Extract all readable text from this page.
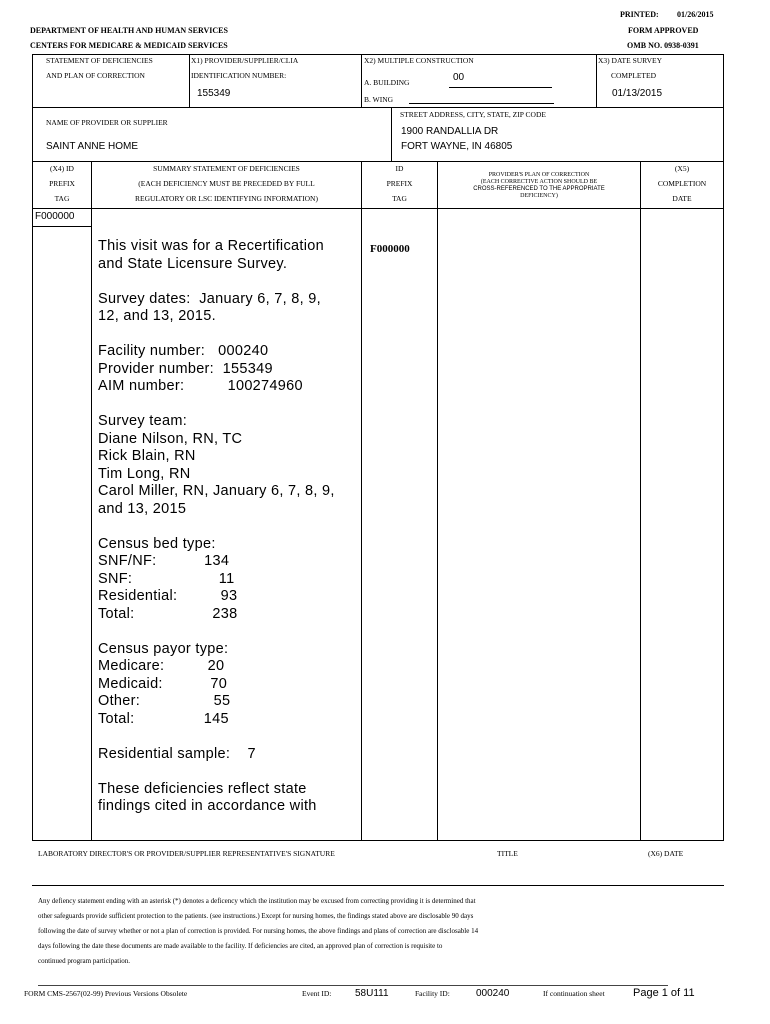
PRINTED: 01/26/2015
DEPARTMENT OF HEALTH AND HUMAN SERVICES
CENTERS FOR MEDICARE & MEDICAID SERVICES
FORM APPROVED
OMB NO. 0938-0391
STATEMENT OF DEFICIENCIES
AND PLAN OF CORRECTION
X1) PROVIDER/SUPPLIER/CLIA
IDENTIFICATION NUMBER:
155349
X2) MULTIPLE CONSTRUCTION
A. BUILDING	00
B. WING
X3) DATE SURVEY
COMPLETED
01/13/2015
NAME OF PROVIDER OR SUPPLIER
SAINT ANNE HOME
STREET ADDRESS, CITY, STATE, ZIP CODE
1900 RANDALLIA DR
FORT WAYNE, IN 46805
(X4) ID
PREFIX
TAG
SUMMARY STATEMENT OF DEFICIENCIES
(EACH DEFICIENCY MUST BE PRECEDED BY FULL
REGULATORY OR LSC IDENTIFYING INFORMATION)
ID
PREFIX
TAG
PROVIDER'S PLAN OF CORRECTION
(EACH CORRECTIVE ACTION SHOULD BE
CROSS-REFERENCED TO THE APPROPRIATE
DEFICIENCY)
(X5)
COMPLETION
DATE
F000000
F000000
This visit was for a Recertification
and State Licensure Survey.

Survey dates:  January 6, 7, 8, 9,
12, and 13, 2015.

Facility number:   000240
Provider number:  155349
AIM number:          100274960

Survey team:
Diane Nilson, RN, TC
Rick Blain, RN
Tim Long, RN
Carol Miller, RN, January 6, 7, 8, 9,
and 13, 2015

Census bed type:
SNF/NF:           134
SNF:                    11
Residential:          93
Total:                  238

Census payor type:
Medicare:          20
Medicaid:           70
Other:                 55
Total:                145

Residential sample:    7

These deficiencies reflect state
findings cited in accordance with
LABORATORY DIRECTOR'S OR PROVIDER/SUPPLIER REPRESENTATIVE'S SIGNATURE	TITLE	(X6) DATE
Any defiency statement ending with an asterisk (*) denotes a deficency which the institution may be excused from correcting providing it is determined that
other safeguards provide sufficient protection to the patients. (see instructions.) Except for nursing homes, the findings stated above are disclosable 90 days
following the date of survey whether or not a plan of correction is provided. For nursing homes, the above findings and plans of correction are disclosable 14
days following the date these documents are made available to the facility. If deficiencies are cited, an approved plan of correction is requisite to
continued program participation.
FORM CMS-2567(02-99) Previous Versions Obsolete	Event ID: 58U111	Facility ID:	000240	If continuation sheet	Page 1 of 11
